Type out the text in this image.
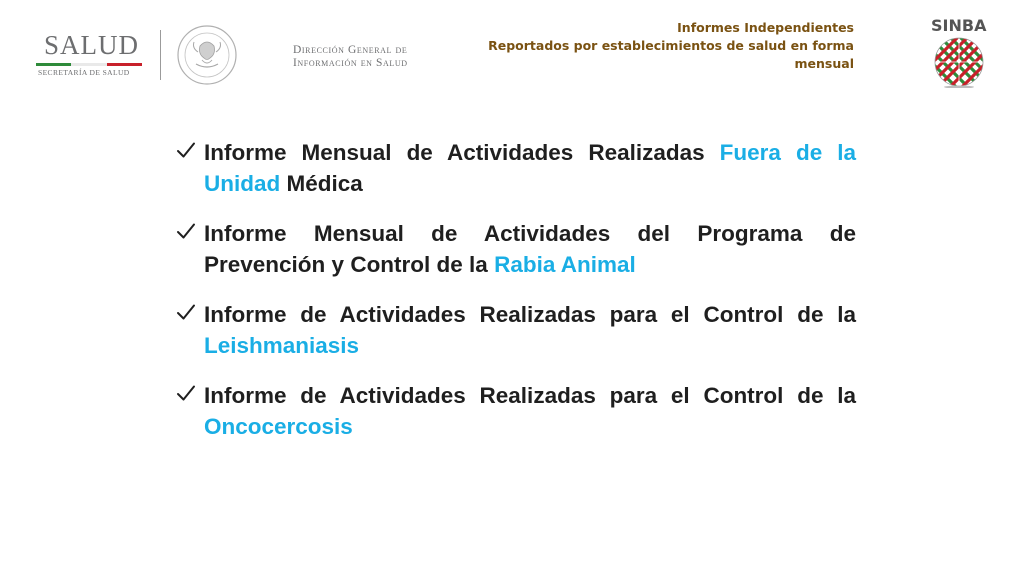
SALUD
SECRETARÍA DE SALUD
Dirección General de
Información en Salud
Informes Independientes
Reportados por establecimientos de salud en forma
mensual
SINBA
Informe Mensual de Actividades Realizadas Fuera de la Unidad Médica
Informe Mensual de Actividades del Programa de Prevención y Control de la Rabia Animal
Informe de Actividades Realizadas para el Control de la Leishmaniasis
Informe de Actividades Realizadas para el Control de la Oncocercosis
